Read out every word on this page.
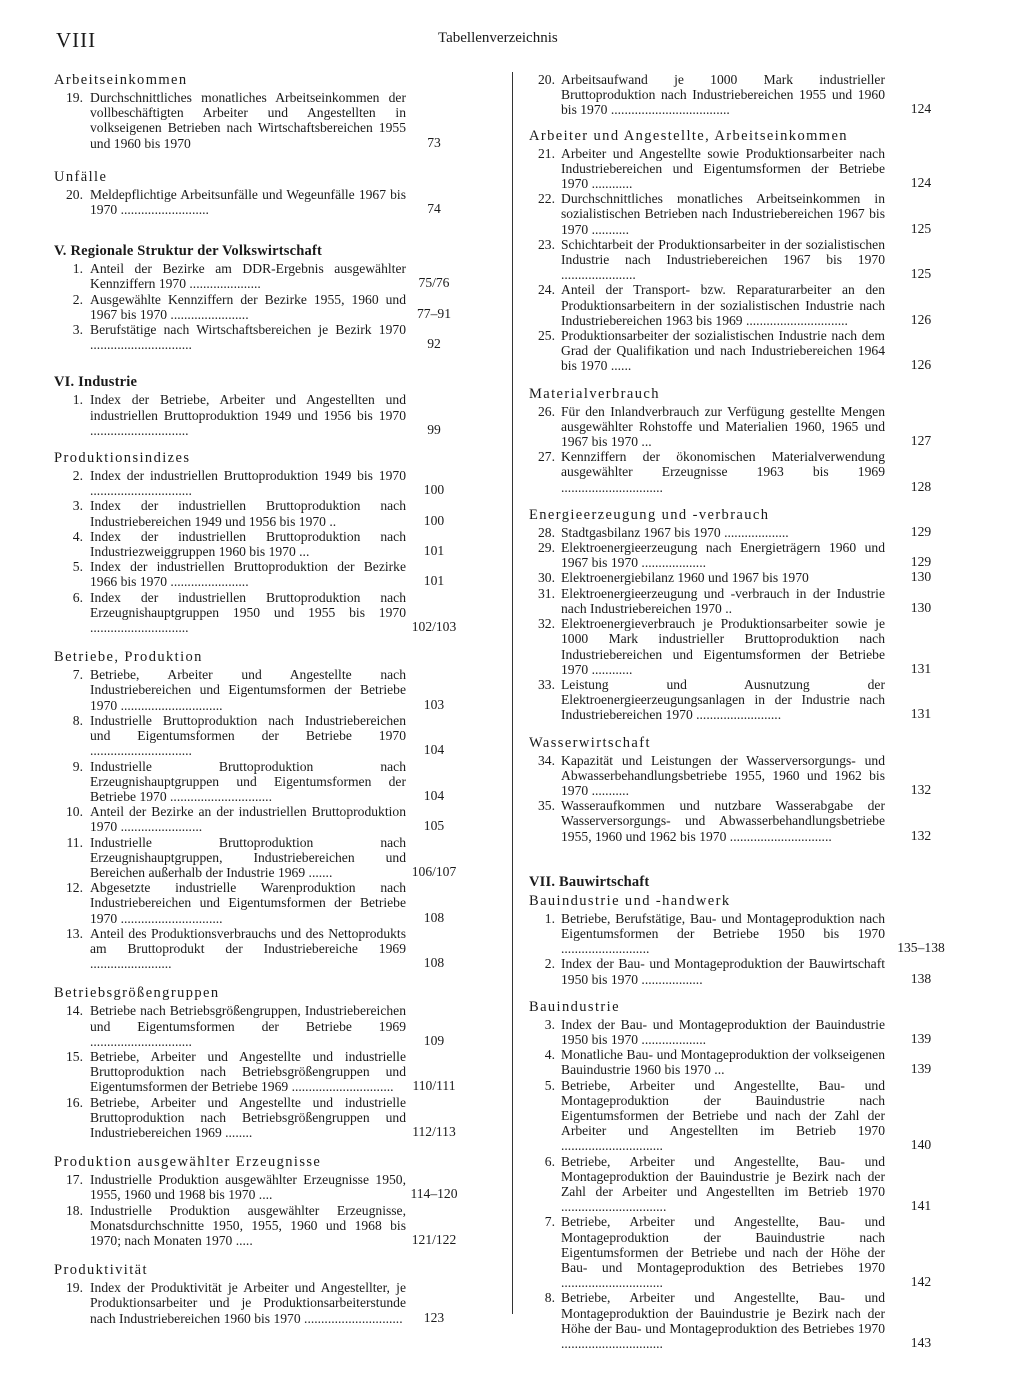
VIII	Tabellenverzeichnis
Arbeitseinkommen
19. Durchschnittliches monatliches Arbeitseinkommen der vollbeschäftigten Arbeiter und Angestellten in volkseigenen Betrieben nach Wirtschaftsbereichen 1955 und 1960 bis 1970	73
Unfälle
20. Meldepflichtige Arbeitsunfälle und Wegeunfälle 1967 bis 1970 ..........................	74
V. Regionale Struktur der Volkswirtschaft
1. Anteil der Bezirke am DDR-Ergebnis ausgewählter Kennziffern 1970 .....................	75/76
2. Ausgewählte Kennziffern der Bezirke 1955, 1960 und 1967 bis 1970 .......................	77–91
3. Berufstätige nach Wirtschaftsbereichen je Bezirk 1970 ..............................	92
VI. Industrie
1. Index der Betriebe, Arbeiter und Angestellten und industriellen Bruttoproduktion 1949 und 1956 bis 1970 .............................	99
Produktionsindizes
2. Index der industriellen Bruttoproduktion 1949 bis 1970 ..............................	100
3. Index der industriellen Bruttoproduktion nach Industriebereichen 1949 und 1956 bis 1970 ..	100
4. Index der industriellen Bruttoproduktion nach Industriezweiggruppen 1960 bis 1970 ...	101
5. Index der industriellen Bruttoproduktion der Bezirke 1966 bis 1970 .......................	101
6. Index der industriellen Bruttoproduktion nach Erzeugnishauptgruppen 1950 und 1955 bis 1970 .............................	102/103
Betriebe, Produktion
7. Betriebe, Arbeiter und Angestellte nach Industriebereichen und Eigentumsformen der Betriebe 1970 ..............................	103
8. Industrielle Bruttoproduktion nach Industriebereichen und Eigentumsformen der Betriebe 1970 ..............................	104
9. Industrielle Bruttoproduktion nach Erzeugnishauptgruppen und Eigentumsformen der Betriebe 1970 ..............................	104
10. Anteil der Bezirke an der industriellen Bruttoproduktion 1970 ........................	105
11. Industrielle Bruttoproduktion nach Erzeugnishauptgruppen, Industriebereichen und Bereichen außerhalb der Industrie 1969 .......	106/107
12. Abgesetzte industrielle Warenproduktion nach Industriebereichen und Eigentumsformen der Betriebe 1970 ..............................	108
13. Anteil des Produktionsverbrauchs und des Nettoprodukts am Bruttoprodukt der Industriebereiche 1969 ........................	108
Betriebsgrößengruppen
14. Betriebe nach Betriebsgrößengruppen, Industriebereichen und Eigentumsformen der Betriebe 1969 ..............................	109
15. Betriebe, Arbeiter und Angestellte und industrielle Bruttoproduktion nach Betriebsgrößengruppen und Eigentumsformen der Betriebe 1969 ..............................	110/111
16. Betriebe, Arbeiter und Angestellte und industrielle Bruttoproduktion nach Betriebsgrößengruppen und Industriebereichen 1969 ........	112/113
Produktion ausgewählter Erzeugnisse
17. Industrielle Produktion ausgewählter Erzeugnisse 1950, 1955, 1960 und 1968 bis 1970 ....	114–120
18. Industrielle Produktion ausgewählter Erzeugnisse, Monatsdurchschnitte 1950, 1955, 1960 und 1968 bis 1970; nach Monaten 1970 .....	121/122
Produktivität
19. Index der Produktivität je Arbeiter und Angestellter, je Produktionsarbeiter und je Produktionsarbeiterstunde nach Industriebereichen 1960 bis 1970 .............................	123
20. Arbeitsaufwand je 1000 Mark industrieller Bruttoproduktion nach Industriebereichen 1955 und 1960 bis 1970 ...................................	124
Arbeiter und Angestellte, Arbeitseinkommen
21. Arbeiter und Angestellte sowie Produktionsarbeiter nach Industriebereichen und Eigentumsformen der Betriebe 1970 ............	124
22. Durchschnittliches monatliches Arbeitseinkommen in sozialistischen Betrieben nach Industriebereichen 1967 bis 1970 ...........	125
23. Schichtarbeit der Produktionsarbeiter in der sozialistischen Industrie nach Industriebereichen 1967 bis 1970 ......................	125
24. Anteil der Transport- bzw. Reparaturarbeiter an den Produktionsarbeitern in der sozialistischen Industrie nach Industriebereichen 1963 bis 1969 ..............................	126
25. Produktionsarbeiter der sozialistischen Industrie nach dem Grad der Qualifikation und nach Industriebereichen 1964 bis 1970 ......	126
Materialverbrauch
26. Für den Inlandverbrauch zur Verfügung gestellte Mengen ausgewählter Rohstoffe und Materialien 1960, 1965 und 1967 bis 1970 ...	127
27. Kennziffern der ökonomischen Materialverwendung ausgewählter Erzeugnisse 1963 bis 1969 ..............................	128
Energieerzeugung und -verbrauch
28. Stadtgasbilanz 1967 bis 1970 ...................	129
29. Elektroenergieerzeugung nach Energieträgern 1960 und 1967 bis 1970 ...................	129
30. Elektroenergiebilanz 1960 und 1967 bis 1970	130
31. Elektroenergieerzeugung und -verbrauch in der Industrie nach Industriebereichen 1970 ..	130
32. Elektroenergieverbrauch je Produktionsarbeiter sowie je 1000 Mark industrieller Bruttoproduktion nach Industriebereichen und Eigentumsformen der Betriebe 1970 ............	131
33. Leistung und Ausnutzung der Elektroenergieerzeugungsanlagen in der Industrie nach Industriebereichen 1970 .........................	131
Wasserwirtschaft
34. Kapazität und Leistungen der Wasserversorgungs- und Abwasserbehandlungsbetriebe 1955, 1960 und 1962 bis 1970 ...........	132
35. Wasseraufkommen und nutzbare Wasserabgabe der Wasserversorgungs- und Abwasserbehandlungsbetriebe 1955, 1960 und 1962 bis 1970 ..............................	132
VII. Bauwirtschaft
Bauindustrie und -handwerk
1. Betriebe, Berufstätige, Bau- und Montageproduktion nach Eigentumsformen der Betriebe 1950 bis 1970 ..........................	135–138
2. Index der Bau- und Montageproduktion der Bauwirtschaft 1950 bis 1970 ..................	138
Bauindustrie
3. Index der Bau- und Montageproduktion der Bauindustrie 1950 bis 1970 ...................	139
4. Monatliche Bau- und Montageproduktion der volkseigenen Bauindustrie 1960 bis 1970 ...	139
5. Betriebe, Arbeiter und Angestellte, Bau- und Montageproduktion der Bauindustrie nach Eigentumsformen der Betriebe und nach der Zahl der Arbeiter und Angestellten im Betrieb 1970 ..............................	140
6. Betriebe, Arbeiter und Angestellte, Bau- und Montageproduktion der Bauindustrie je Bezirk nach der Zahl der Arbeiter und Angestellten im Betrieb 1970 ...............................	141
7. Betriebe, Arbeiter und Angestellte, Bau- und Montageproduktion der Bauindustrie nach Eigentumsformen der Betriebe und nach der Höhe der Bau- und Montageproduktion des Betriebes 1970 ..............................	142
8. Betriebe, Arbeiter und Angestellte, Bau- und Montageproduktion der Bauindustrie je Bezirk nach der Höhe der Bau- und Montageproduktion des Betriebes 1970 ..............................	143
